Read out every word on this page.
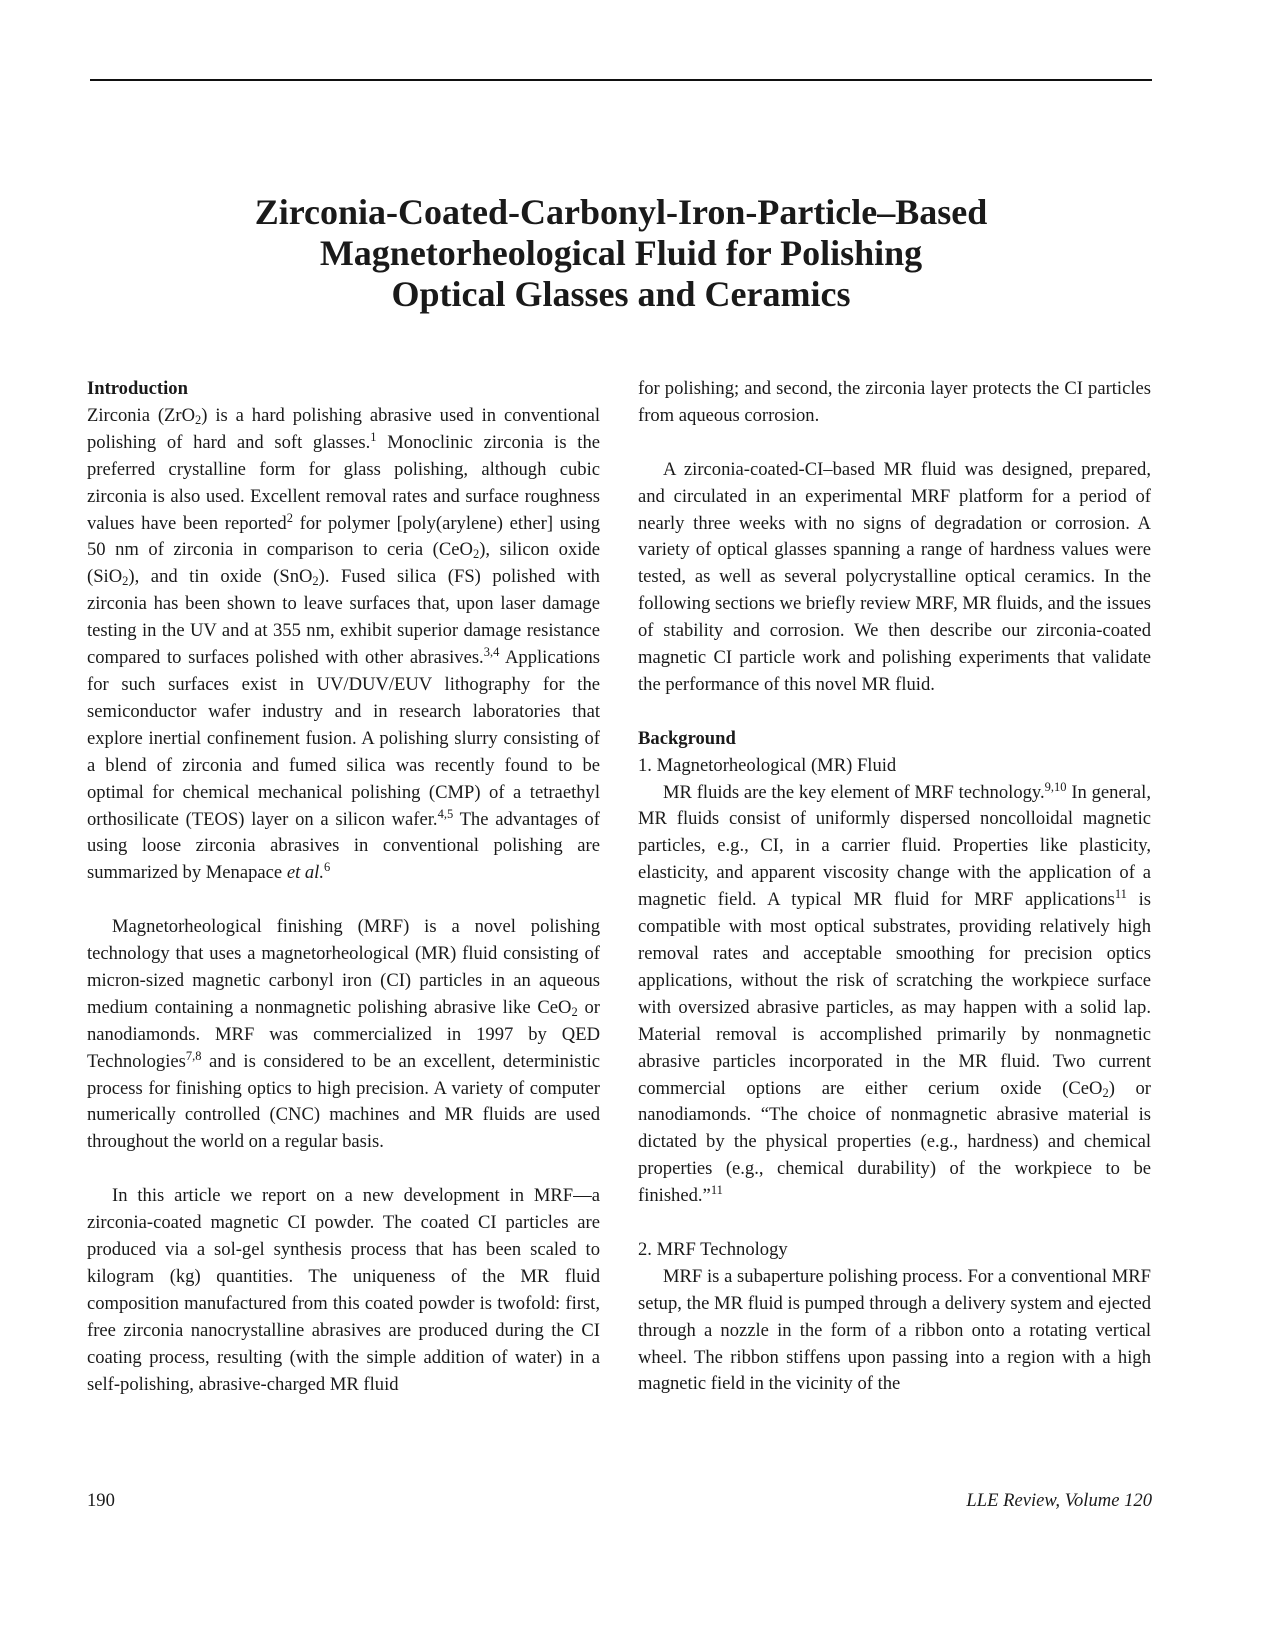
Zirconia-Coated-Carbonyl-Iron-Particle–Based
Magnetorheological Fluid for Polishing
Optical Glasses and Ceramics
Introduction

Zirconia (ZrO$_2$) is a hard polishing abrasive used in conventional polishing of hard and soft glasses.$^1$ Monoclinic zirconia is the preferred crystalline form for glass polishing, although cubic zirconia is also used. Excellent removal rates and surface roughness values have been reported$^2$ for polymer [poly(arylene) ether] using 50 nm of zirconia in comparison to ceria (CeO$_2$), silicon oxide (SiO$_2$), and tin oxide (SnO$_2$). Fused silica (FS) polished with zirconia has been shown to leave surfaces that, upon laser damage testing in the UV and at 355 nm, exhibit superior damage resistance compared to surfaces polished with other abrasives.$^{3,4}$ Applications for such surfaces exist in UV/DUV/EUV lithography for the semiconductor wafer industry and in research laboratories that explore inertial confinement fusion. A polishing slurry consisting of a blend of zirconia and fumed silica was recently found to be optimal for chemical mechanical polishing (CMP) of a tetraethyl orthosilicate (TEOS) layer on a silicon wafer.$^{4,5}$ The advantages of using loose zirconia abrasives in conventional polishing are summarized by Menapace et al.$^6$

Magnetorheological finishing (MRF) is a novel polishing technology that uses a magnetorheological (MR) fluid consisting of micron-sized magnetic carbonyl iron (CI) particles in an aqueous medium containing a nonmagnetic polishing abrasive like CeO$_2$ or nanodiamonds. MRF was commercialized in 1997 by QED Technologies$^{7,8}$ and is considered to be an excellent, deterministic process for finishing optics to high precision. A variety of computer numerically controlled (CNC) machines and MR fluids are used throughout the world on a regular basis.

In this article we report on a new development in MRF—a zirconia-coated magnetic CI powder. The coated CI particles are produced via a sol-gel synthesis process that has been scaled to kilogram (kg) quantities. The uniqueness of the MR fluid composition manufactured from this coated powder is twofold: first, free zirconia nanocrystalline abrasives are produced during the CI coating process, resulting (with the simple addition of water) in a self-polishing, abrasive-charged MR fluid

for polishing; and second, the zirconia layer protects the CI particles from aqueous corrosion.

A zirconia-coated-CI–based MR fluid was designed, prepared, and circulated in an experimental MRF platform for a period of nearly three weeks with no signs of degradation or corrosion. A variety of optical glasses spanning a range of hardness values were tested, as well as several polycrystalline optical ceramics. In the following sections we briefly review MRF, MR fluids, and the issues of stability and corrosion. We then describe our zirconia-coated magnetic CI particle work and polishing experiments that validate the performance of this novel MR fluid.

Background
1. Magnetorheological (MR) Fluid

MR fluids are the key element of MRF technology.$^{9,10}$ In general, MR fluids consist of uniformly dispersed noncolloidal magnetic particles, e.g., CI, in a carrier fluid. Properties like plasticity, elasticity, and apparent viscosity change with the application of a magnetic field. A typical MR fluid for MRF applications$^{11}$ is compatible with most optical substrates, providing relatively high removal rates and acceptable smoothing for precision optics applications, without the risk of scratching the workpiece surface with oversized abrasive particles, as may happen with a solid lap. Material removal is accomplished primarily by nonmagnetic abrasive particles incorporated in the MR fluid. Two current commercial options are either cerium oxide (CeO$_2$) or nanodiamonds. “The choice of nonmagnetic abrasive material is dictated by the physical properties (e.g., hardness) and chemical properties (e.g., chemical durability) of the workpiece to be finished.”$^{11}$

2. MRF Technology

MRF is a subaperture polishing process. For a conventional MRF setup, the MR fluid is pumped through a delivery system and ejected through a nozzle in the form of a ribbon onto a rotating vertical wheel. The ribbon stiffens upon passing into a region with a high magnetic field in the vicinity of the

190	LLE Review, Volume 120
